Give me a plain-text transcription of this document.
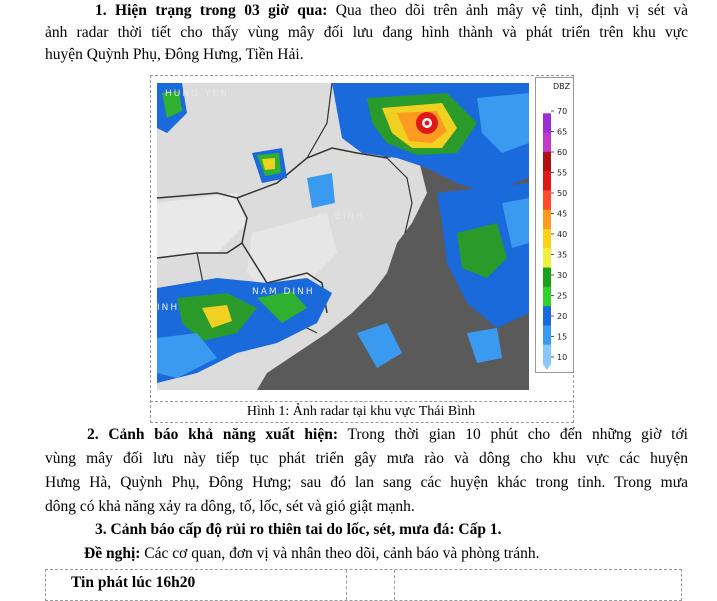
1. Hiện trạng trong 03 giờ qua: Qua theo dõi trên ảnh mây vệ tinh, định vị sét và
ảnh radar thời tiết cho thấy vùng mây đối lưu đang hình thành và phát triển trên khu vực
huyện Quỳnh Phụ, Đông Hưng, Tiền Hải.
HUNG YEN
A NAM
AI BINH
NAM DINH
INH
DBZ
70
65
60
55
50
45
40
35
30
25
20
15
10
Hình 1: Ảnh radar tại khu vực Thái Bình
2. Cảnh báo khả năng xuất hiện: Trong thời gian 10 phút cho đến những giờ tới
vùng mây đối lưu này tiếp tục phát triển gây mưa rào và dông cho khu vực các huyện
Hưng Hà, Quỳnh Phụ, Đông Hưng; sau đó lan sang các huyện khác trong tỉnh. Trong mưa
dông có khả năng xảy ra dông, tố, lốc, sét và gió giật mạnh.
3. Cảnh báo cấp độ rủi ro thiên tai do lốc, sét, mưa đá: Cấp 1.
Đề nghị: Các cơ quan, đơn vị và nhân theo dõi, cảnh báo và phòng tránh.
Tin phát lúc 16h20
